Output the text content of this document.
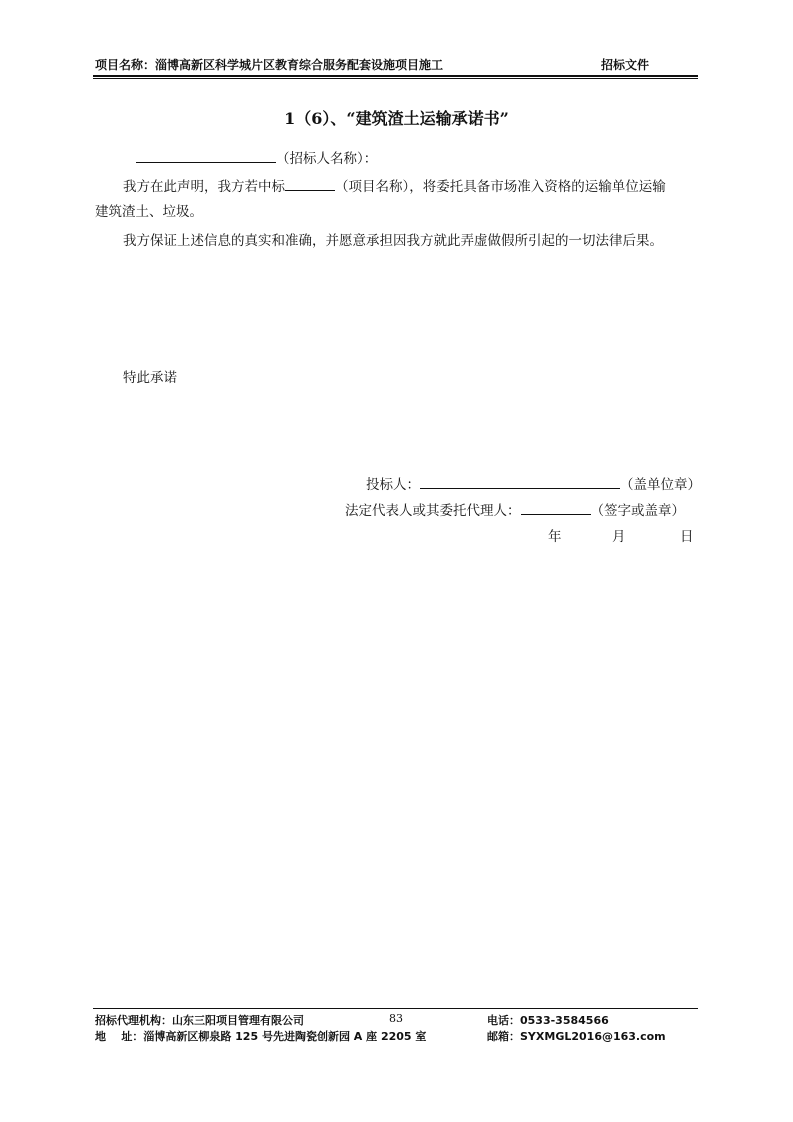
项目名称：淄博高新区科学城片区教育综合服务配套设施项目施工	招标文件
1（6）、“建筑渣土运输承诺书”
（招标人名称）：
我方在此声明，我方若中标	（项目名称），将委托具备市场准入资格的运输单位运输
建筑渣土、垃圾。
我方保证上述信息的真实和准确，并愿意承担因我方就此弄虚做假所引起的一切法律后果。
特此承诺
投标人：	（盖单位章）
法定代表人或其委托代理人：	（签字或盖章）
年	月	日
招标代理机构：山东三阳项目管理有限公司	83	电话：0533-3584566
地    址：淄博高新区柳泉路 125 号先进陶瓷创新园 A 座 2205 室	邮箱：SYXMGL2016@163.com
